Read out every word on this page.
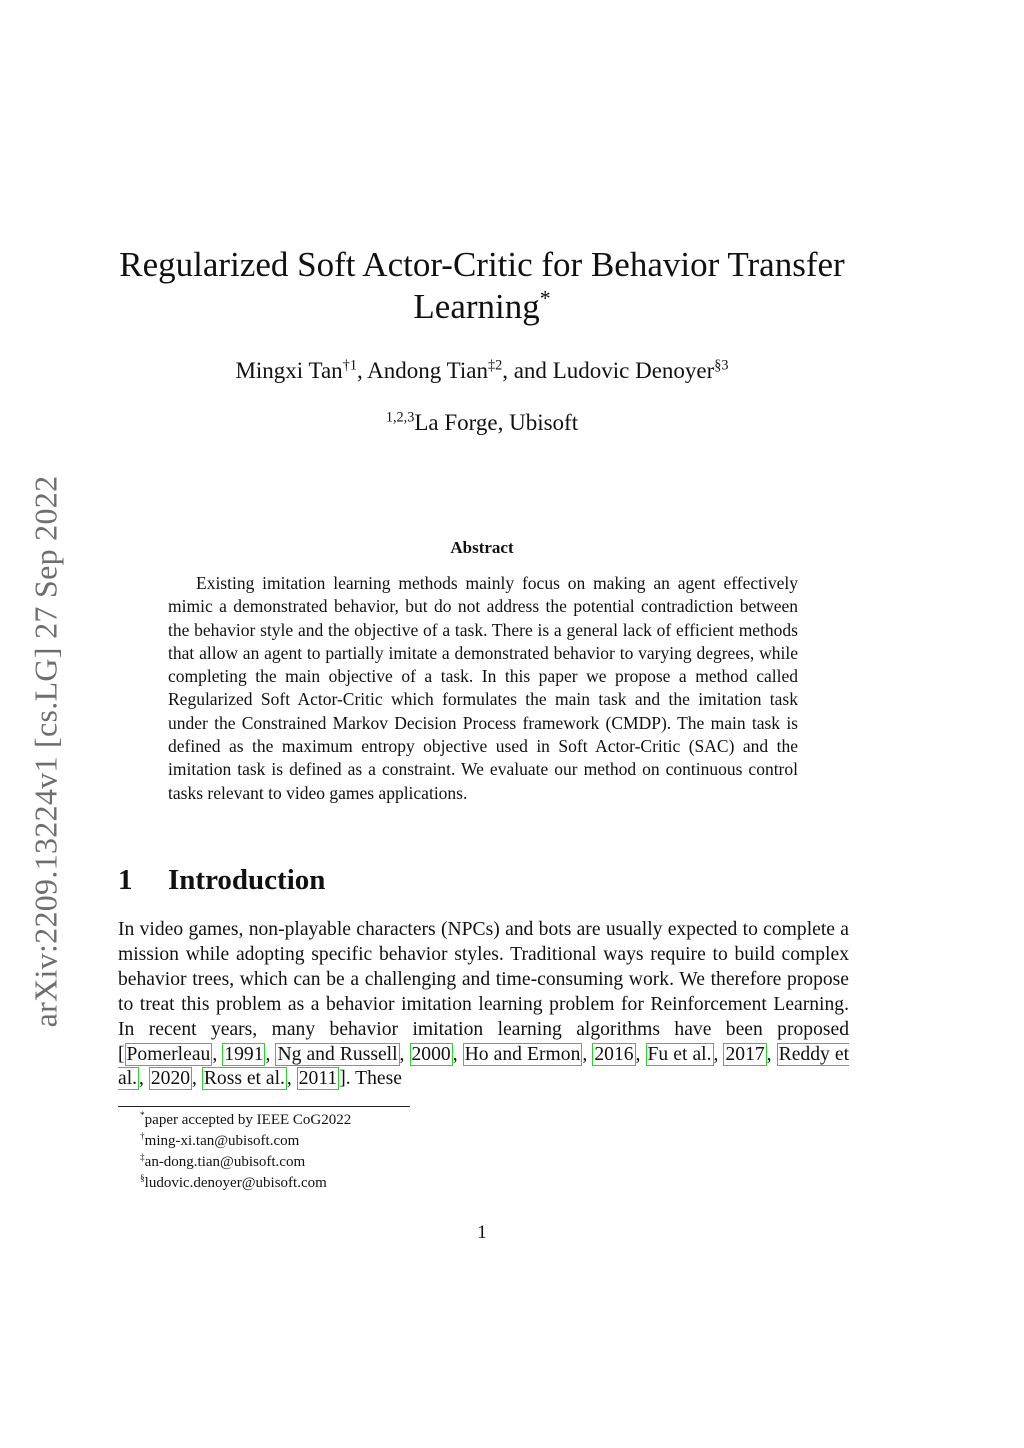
arXiv:2209.13224v1 [cs.LG] 27 Sep 2022
Regularized Soft Actor-Critic for Behavior Transfer
Learning*
Mingxi Tan$^{\dagger 1}$, Andong Tian$^{\ddagger 2}$, and Ludovic Denoyer$^{\S 3}$
$^{1,2,3}$La Forge, Ubisoft
Abstract

Existing imitation learning methods mainly focus on making an agent effectively mimic a demonstrated behavior, but do not address the potential contradiction between the behavior style and the objective of a task. There is a general lack of efficient methods that allow an agent to partially imitate a demonstrated behavior to varying degrees, while completing the main objective of a task. In this paper we propose a method called Regularized Soft Actor-Critic which formulates the main task and the imitation task under the Constrained Markov Decision Process framework (CMDP). The main task is defined as the maximum entropy objective used in Soft Actor-Critic (SAC) and the imitation task is defined as a constraint. We evaluate our method on continuous control tasks relevant to video games applications.

1 Introduction

In video games, non-playable characters (NPCs) and bots are usually expected to complete a mission while adopting specific behavior styles. Traditional ways require to build complex behavior trees, which can be a challenging and time-consuming work. We therefore propose to treat this problem as a behavior imitation learning problem for Reinforcement Learning. In recent years, many behavior imitation learning algorithms have been proposed [ Pomerleau , 1991 , Ng and Russell , 2000 , Ho and Ermon , 2016 , Fu et al. , 2017 , Reddy et al. , 2020 , Ross et al. , 2011 ]. These

*paper accepted by IEEE CoG2022
†ming-xi.tan@ubisoft.com
‡an-dong.tian@ubisoft.com
§ludovic.denoyer@ubisoft.com
1
